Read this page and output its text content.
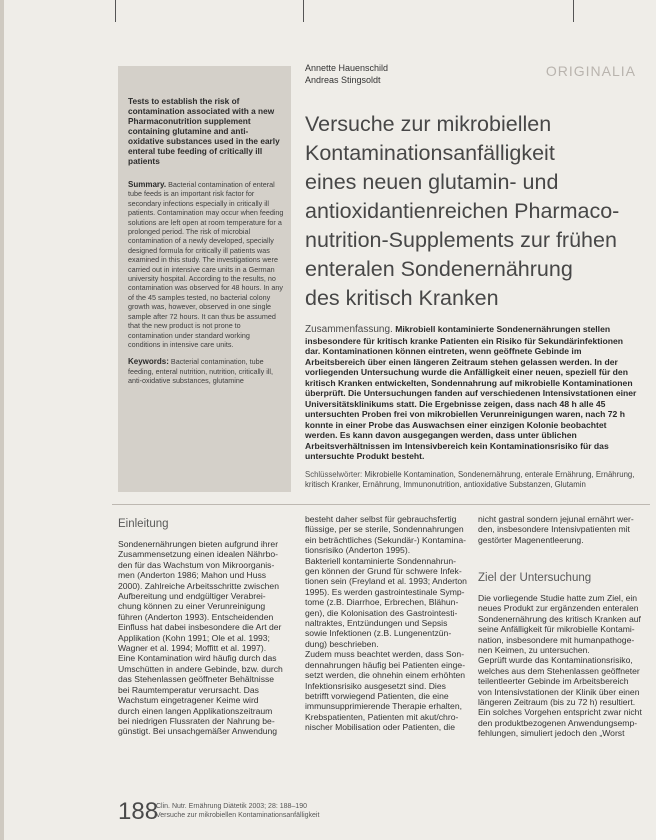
ORIGINALIA
Annette Hauenschild
Andreas Stingsoldt

Tests to establish the risk of contamination associated with a new Pharmaconutrition supplement containing glutamine and anti-oxidative substances used in the early enteral tube feeding of critically ill patients

Summary. Bacterial contamination of enteral tube feeds is an important risk factor for secondary infections especially in critically ill patients. Contamination may occur when feeding solutions are left open at room temperature for a prolonged period. The risk of microbial contamination of a newly developed, specially designed formula for critically ill patients was examined in this study. The investigations were carried out in intensive care units in a German university hospital. According to the results, no contamination was observed for 48 hours. In any of the 45 samples tested, no bacterial colony growth was, however, observed in one single sample after 72 hours. It can thus be assumed that the new product is not prone to contamination under standard working conditions in intensive care units.

Keywords: Bacterial contamination, tube feeding, enteral nutrition, nutrition, critically ill, anti-oxidative substances, glutamine

Versuche zur mikrobiellen
Kontaminationsanfälligkeit
eines neuen glutamin- und
antioxidantienreichen Pharmaco-
nutrition-Supplements zur frühen
enteralen Sondenernährung
des kritisch Kranken

Zusammenfassung. Mikrobiell kontaminierte Sondenernährungen stellen insbesondere für kritisch kranke Patienten ein Risiko für Sekundärinfektionen dar. Kontaminationen können eintreten, wenn geöffnete Gebinde im Arbeitsbereich über einen längeren Zeitraum stehen gelassen werden. In der vorliegenden Untersuchung wurde die Anfälligkeit einer neuen, speziell für den kritisch Kranken entwickelten, Sondennahrung auf mikrobielle Kontaminationen überprüft. Die Untersuchungen fanden auf verschiedenen Intensivstationen einer Universitätsklinikums statt. Die Ergebnisse zeigen, dass nach 48 h alle 45 untersuchten Proben frei von mikrobiellen Verunreinigungen waren, nach 72 h konnte in einer Probe das Auswachsen einer einzigen Kolonie beobachtet werden. Es kann davon ausgegangen werden, dass unter üblichen Arbeitsverhältnissen im Intensivbereich kein Kontaminationsrisiko für das untersuchte Produkt besteht.

Schlüsselwörter: Mikrobielle Kontamination, Sondenernährung, enterale Ernährung, Ernährung, kritisch Kranker, Ernährung, Immunonutrition, antioxidative Substanzen, Glutamin

Einleitung
Sondenernährungen bieten aufgrund ihrer
Zusammensetzung einen idealen Nährbo-
den für das Wachstum von Mikroorganis-
men (Anderton 1986; Mahon und Huss
2000). Zahlreiche Arbeitsschritte zwischen
Aufbereitung und endgültiger Verabrei-
chung können zu einer Verunreinigung
führen (Anderton 1993). Entscheidenden
Einfluss hat dabei insbesondere die Art der
Applikation (Kohn 1991; Ole et al. 1993;
Wagner et al. 1994; Moffitt et al. 1997).
Eine Kontamination wird häufig durch das
Umschütten in andere Gebinde, bzw. durch
das Stehenlassen geöffneter Behältnisse
bei Raumtemperatur verursacht. Das
Wachstum eingetragener Keime wird
durch einen langen Applikationszeitraum
bei niedrigen Flussraten der Nahrung be-
günstigt. Bei unsachgemäßer Anwendung
besteht daher selbst für gebrauchsfertig
flüssige, per se sterile, Sondennahrungen
ein beträchtliches (Sekundär-) Kontamina-
tionsrisiko (Anderton 1995).
Bakteriell kontaminierte Sondennahrun-
gen können der Grund für schwere Infek-
tionen sein (Freyland et al. 1993; Anderton
1995). Es werden gastrointestinale Symp-
tome (z.B. Diarrhoe, Erbrechen, Blähun-
gen), die Kolonisation des Gastrointesti-
naltraktes, Entzündungen und Sepsis
sowie Infektionen (z.B. Lungenentzün-
dung) beschrieben.
Zudem muss beachtet werden, dass Son-
dennahrungen häufig bei Patienten einge-
setzt werden, die ohnehin einem erhöhten
Infektionsrisiko ausgesetzt sind. Dies
betrifft vorwiegend Patienten, die eine
immunsupprimierende Therapie erhalten,
Krebspatienten, Patienten mit akut/chro-
nischer Mobilisation oder Patienten, die
nicht gastral sondern jejunal ernährt wer-
den, insbesondere Intensivpatienten mit
gestörter Magenentleerung.
Ziel der Untersuchung
Die vorliegende Studie hatte zum Ziel, ein
neues Produkt zur ergänzenden enteralen
Sondenernährung des kritisch Kranken auf
seine Anfälligkeit für mikrobielle Kontami-
nation, insbesondere mit humanpathoge-
nen Keimen, zu untersuchen.
Geprüft wurde das Kontaminationsrisiko,
welches aus dem Stehenlassen geöffneter
teilentleerter Gebinde im Arbeitsbereich
von Intensivstationen der Klinik über einen
längeren Zeitraum (bis zu 72 h) resultiert.
Ein solches Vorgehen entspricht zwar nicht
den produktbezogenen Anwendungsemp-
fehlungen, simuliert jedoch den „Worst
188
Clin. Nutr. Ernährung Diätetik 2003; 28: 188–190
Versuche zur mikrobiellen Kontaminationsanfälligkeit
